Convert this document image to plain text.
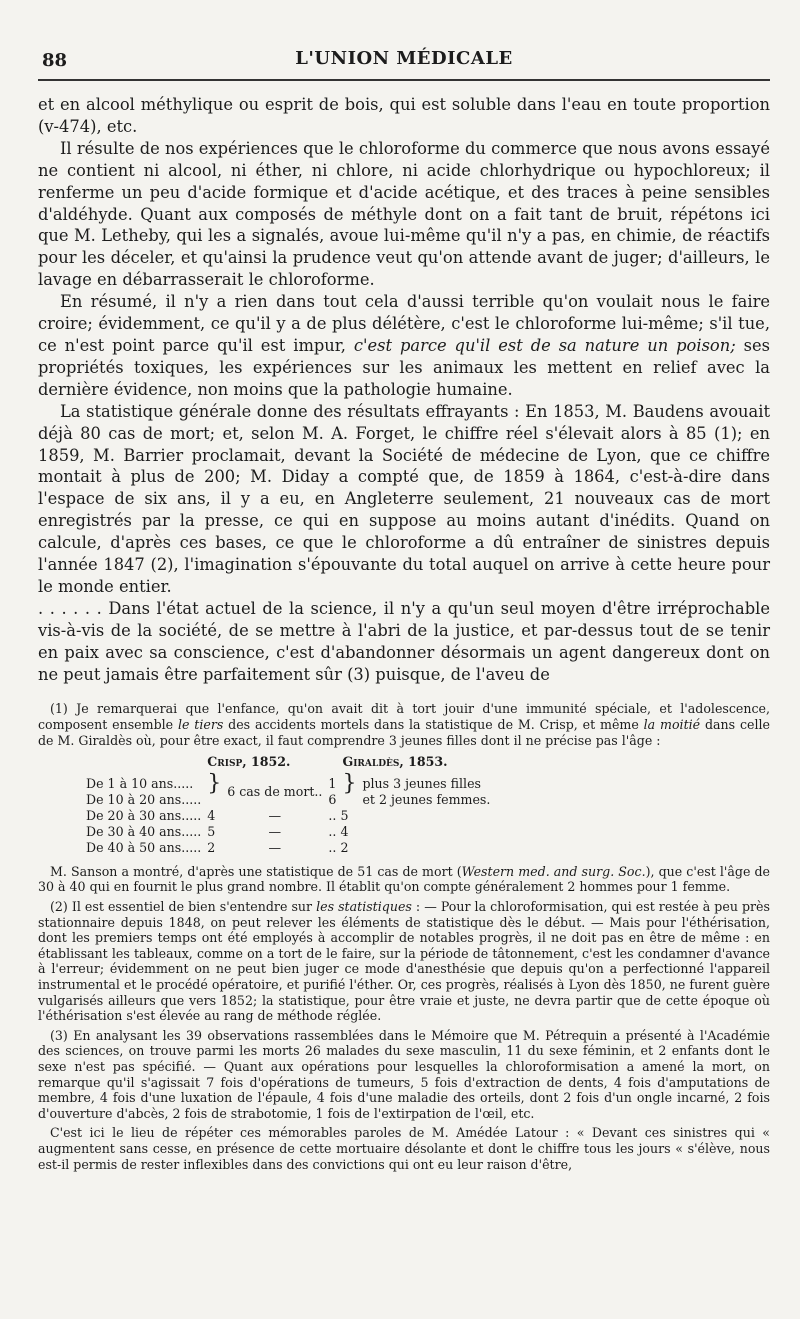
88	L'UNION MÉDICALE

et en alcool méthylique ou esprit de bois, qui est soluble dans l'eau en toute proportion (v-474), etc.

Il résulte de nos expériences que le chloroforme du commerce que nous avons essayé ne contient ni alcool, ni éther, ni chlore, ni acide chlorhydrique ou hypochloreux; il renferme un peu d'acide formique et d'acide acétique, et des traces à peine sensibles d'aldéhyde. Quant aux composés de méthyle dont on a fait tant de bruit, répétons ici que M. Letheby, qui les a signalés, avoue lui-même qu'il n'y a pas, en chimie, de réactifs pour les déceler, et qu'ainsi la prudence veut qu'on attende avant de juger; d'ailleurs, le lavage en débarrasserait le chloroforme.

En résumé, il n'y a rien dans tout cela d'aussi terrible qu'on voulait nous le faire croire; évidemment, ce qu'il y a de plus délétère, c'est le chloroforme lui-même; s'il tue, ce n'est point parce qu'il est impur, c'est parce qu'il est de sa nature un poison; ses propriétés toxiques, les expériences sur les animaux les mettent en relief avec la dernière évidence, non moins que la pathologie humaine.

La statistique générale donne des résultats effrayants : En 1853, M. Baudens avouait déjà 80 cas de mort; et, selon M. A. Forget, le chiffre réel s'élevait alors à 85 (1); en 1859, M. Barrier proclamait, devant la Société de médecine de Lyon, que ce chiffre montait à plus de 200; M. Diday a compté que, de 1859 à 1864, c'est-à-dire dans l'espace de six ans, il y a eu, en Angleterre seulement, 21 nouveaux cas de mort enregistrés par la presse, ce qui en suppose au moins autant d'inédits. Quand on calcule, d'après ces bases, ce que le chloroforme a dû entraîner de sinistres depuis l'année 1847 (2), l'imagination s'épouvante du total auquel on arrive à cette heure pour le monde entier.

. . . . . . Dans l'état actuel de la science, il n'y a qu'un seul moyen d'être irréprochable vis-à-vis de la société, de se mettre à l'abri de la justice, et par-dessus tout de se tenir en paix avec sa conscience, c'est d'abandonner désormais un agent dangereux dont on ne peut jamais être parfaitement sûr (3) puisque, de l'aveu de

(1) Je remarquerai que l'enfance, qu'on avait dit à tort jouir d'une immunité spéciale, et l'adolescence, composent ensemble le tiers des accidents mortels dans la statistique de M. Crisp, et même la moitié dans celle de M. Giraldès où, pour être exact, il faut comprendre 3 jeunes filles dont il ne précise pas l'âge :

	Crisp, 1852.			Giraldès, 1853.	
De 1 à 10 ans.....	}	6 cas de mort..	1	}	plus 3 jeunes filles
De 10 à 20 ans.....			6		et 2 jeunes femmes.
De 20 à 30 ans.....	4	—	.. 5		
De 30 à 40 ans.....	5	—	.. 4		
De 40 à 50 ans.....	2	—	.. 2		

M. Sanson a montré, d'après une statistique de 51 cas de mort (Western med. and surg. Soc.), que c'est l'âge de 30 à 40 qui en fournit le plus grand nombre. Il établit qu'on compte généralement 2 hommes pour 1 femme.

(2) Il est essentiel de bien s'entendre sur les statistiques : — Pour la chloroformisation, qui est restée à peu près stationnaire depuis 1848, on peut relever les éléments de statistique dès le début. — Mais pour l'éthérisation, dont les premiers temps ont été employés à accomplir de notables progrès, il ne doit pas en être de même : en établissant les tableaux, comme on a tort de le faire, sur la période de tâtonnement, c'est les condamner d'avance à l'erreur; évidemment on ne peut bien juger ce mode d'anesthésie que depuis qu'on a perfectionné l'appareil instrumental et le procédé opératoire, et purifié l'éther. Or, ces progrès, réalisés à Lyon dès 1850, ne furent guère vulgarisés ailleurs que vers 1852; la statistique, pour être vraie et juste, ne devra partir que de cette époque où l'éthérisation s'est élevée au rang de méthode réglée.

(3) En analysant les 39 observations rassemblées dans le Mémoire que M. Pétrequin a présenté à l'Académie des sciences, on trouve parmi les morts 26 malades du sexe masculin, 11 du sexe féminin, et 2 enfants dont le sexe n'est pas spécifié. — Quant aux opérations pour lesquelles la chloroformisation a amené la mort, on remarque qu'il s'agissait 7 fois d'opérations de tumeurs, 5 fois d'extraction de dents, 4 fois d'amputations de membre, 4 fois d'une luxation de l'épaule, 4 fois d'une maladie des orteils, dont 2 fois d'un ongle incarné, 2 fois d'ouverture d'abcès, 2 fois de strabotomie, 1 fois de l'extirpation de l'œil, etc.

C'est ici le lieu de répéter ces mémorables paroles de M. Amédée Latour : « Devant ces sinistres qui « augmentent sans cesse, en présence de cette mortuaire désolante et dont le chiffre tous les jours « s'élève, nous est-il permis de rester inflexibles dans des convictions qui ont eu leur raison d'être,
